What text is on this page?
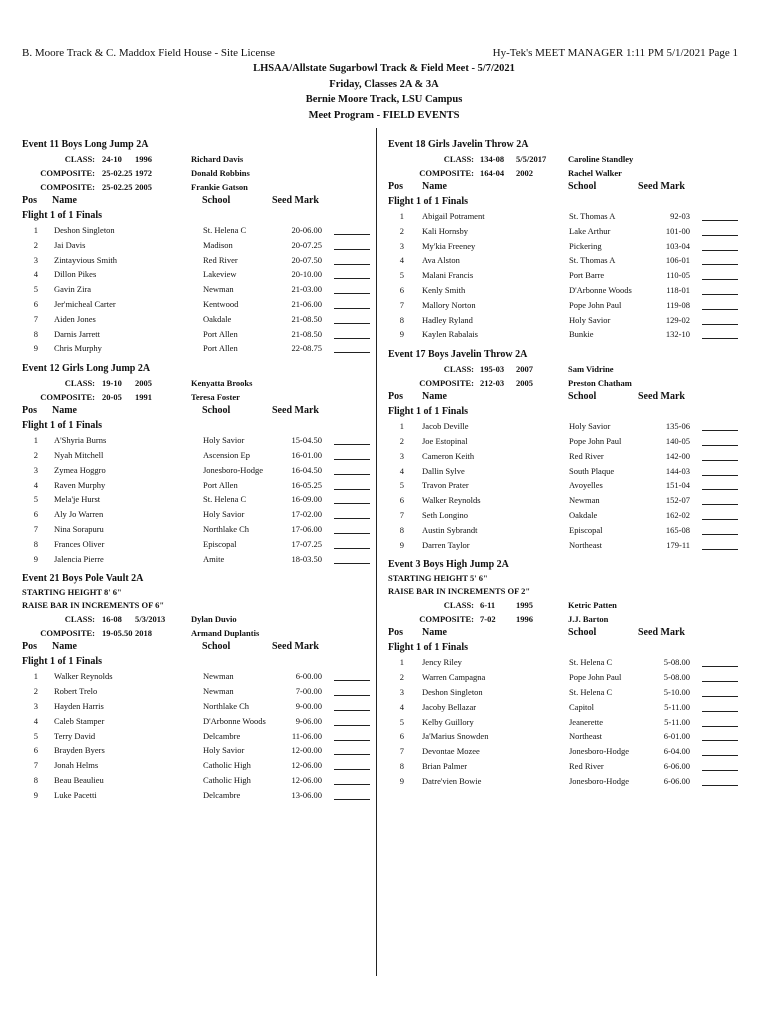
B. Moore Track & C. Maddox Field House - Site License	Hy-Tek's MEET MANAGER 1:11 PM 5/1/2021 Page 1
LHSAA/Allstate Sugarbowl Track & Field Meet - 5/7/2021
Friday, Classes 2A & 3A
Bernie Moore Track, LSU Campus
Meet Program - FIELD EVENTS
Event 11 Boys Long Jump 2A
CLASS: 24-10 1996	Richard Davis
COMPOSITE: 25-02.25 1972	Donald Robbins
COMPOSITE: 25-02.25 2005	Frankie Gatson
Pos Name	School	Seed Mark
Flight 1 of 1 Finals
1 Deshon Singleton	St. Helena C	20-06.00
2 Jai Davis	Madison	20-07.25
3 Zintayvious Smith	Red River	20-07.50
4 Dillon Pikes	Lakeview	20-10.00
5 Gavin Zira	Newman	21-03.00
6 Jer'micheal Carter	Kentwood	21-06.00
7 Aiden Jones	Oakdale	21-08.50
8 Darnis Jarrett	Port Allen	21-08.50
9 Chris Murphy	Port Allen	22-08.75
Event 12 Girls Long Jump 2A
CLASS: 19-10 2005	Kenyatta Brooks
COMPOSITE: 20-05 1991	Teresa Foster
Pos Name	School	Seed Mark
Flight 1 of 1 Finals
1 A'Shyria Burns	Holy Savior	15-04.50
2 Nyah Mitchell	Ascension Ep	16-01.00
3 Zymea Hoggro	Jonesboro-Hodge	16-04.50
4 Raven Murphy	Port Allen	16-05.25
5 Mela'je Hurst	St. Helena C	16-09.00
6 Aly Jo Warren	Holy Savior	17-02.00
7 Nina Sorapuru	Northlake Ch	17-06.00
8 Frances Oliver	Episcopal	17-07.25
9 Jalencia Pierre	Amite	18-03.50
Event 21 Boys Pole Vault 2A
STARTING HEIGHT 8' 6"
RAISE BAR IN INCREMENTS OF 6"
CLASS: 16-08 5/3/2013	Dylan Duvio
COMPOSITE: 19-05.50 2018	Armand Duplantis
Pos Name	School	Seed Mark
Flight 1 of 1 Finals
1 Walker Reynolds	Newman	6-00.00
2 Robert Trelo	Newman	7-00.00
3 Hayden Harris	Northlake Ch	9-00.00
4 Caleb Stamper	D'Arbonne Woods	9-06.00
5 Terry David	Delcambre	11-06.00
6 Brayden Byers	Holy Savior	12-00.00
7 Jonah Helms	Catholic High	12-06.00
8 Beau Beaulieu	Catholic High	12-06.00
9 Luke Pacetti	Delcambre	13-06.00
Event 18 Girls Javelin Throw 2A
CLASS: 134-08 5/5/2017	Caroline Standley
COMPOSITE: 164-04 2002	Rachel Walker
Pos Name	School	Seed Mark
Flight 1 of 1 Finals
1 Abigail Potrament	St. Thomas A	92-03
2 Kali Hornsby	Lake Arthur	101-00
3 My'kia Freeney	Pickering	103-04
4 Ava Alston	St. Thomas A	106-01
5 Malani Francis	Port Barre	110-05
6 Kenly Smith	D'Arbonne Woods	118-01
7 Mallory Norton	Pope John Paul	119-08
8 Hadley Ryland	Holy Savior	129-02
9 Kaylen Rabalais	Bunkie	132-10
Event 17 Boys Javelin Throw 2A
CLASS: 195-03 2007	Sam Vidrine
COMPOSITE: 212-03 2005	Preston Chatham
Pos Name	School	Seed Mark
Flight 1 of 1 Finals
1 Jacob Deville	Holy Savior	135-06
2 Joe Estopinal	Pope John Paul	140-05
3 Cameron Keith	Red River	142-00
4 Dallin Sylve	South Plaque	144-03
5 Travon Prater	Avoyelles	151-04
6 Walker Reynolds	Newman	152-07
7 Seth Longino	Oakdale	162-02
8 Austin Sybrandt	Episcopal	165-08
9 Darren Taylor	Northeast	179-11
Event 3 Boys High Jump 2A
STARTING HEIGHT 5' 6"
RAISE BAR IN INCREMENTS OF 2"
CLASS: 6-11 1995	Ketric Patten
COMPOSITE: 7-02 1996	J.J. Barton
Pos Name	School	Seed Mark
Flight 1 of 1 Finals
1 Jency Riley	St. Helena C	5-08.00
2 Warren Campagna	Pope John Paul	5-08.00
3 Deshon Singleton	St. Helena C	5-10.00
4 Jacoby Bellazar	Capitol	5-11.00
5 Kelby Guillory	Jeanerette	5-11.00
6 Ja'Marius Snowden	Northeast	6-01.00
7 Devontae Mozee	Jonesboro-Hodge	6-04.00
8 Brian Palmer	Red River	6-06.00
9 Datre'vien Bowie	Jonesboro-Hodge	6-06.00
